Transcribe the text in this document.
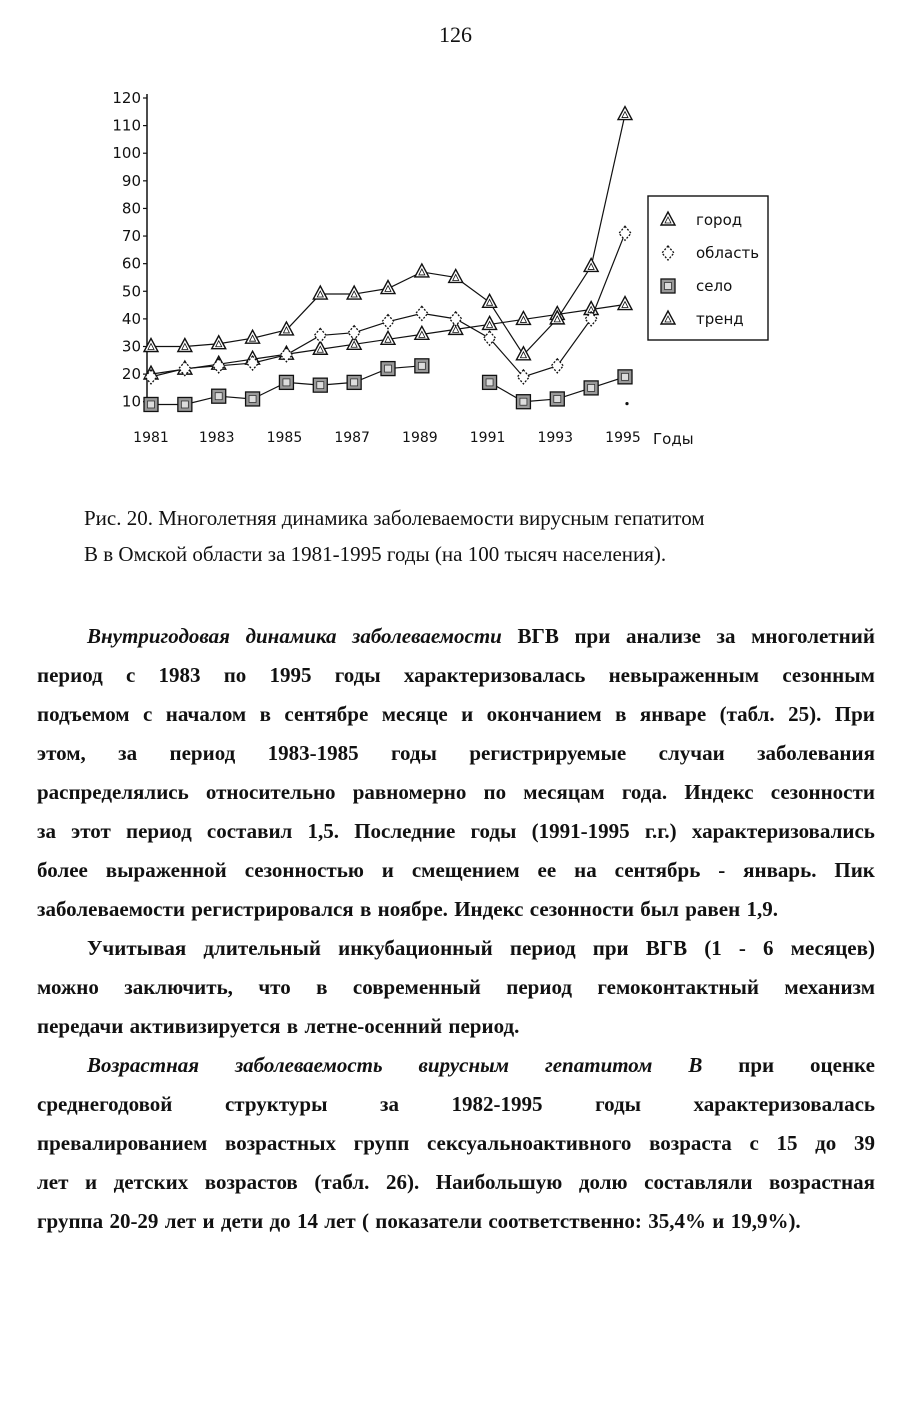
126
10
20
30
40
50
60
70
80
90
100
110
120
1981 1983 1985 1987 1989 1991 1993 1995 Годы
город
область
село
тренд
Рис. 20. Многолетняя динамика заболеваемости вирусным гепатитом
В в Омской области за 1981-1995 годы (на 100 тысяч населения).
Внутригодовая динамика заболеваемости ВГВ при анализе за многолетний
период с 1983 по 1995 годы характеризовалась невыраженным сезонным
подъемом с началом в сентябре месяце и окончанием в январе (табл. 25). При
этом, за период 1983-1985 годы регистрируемые случаи заболевания
распределялись относительно равномерно по месяцам года. Индекс сезонности
за этот период составил 1,5. Последние годы (1991-1995 г.г.) характеризовались
более выраженной сезонностью и смещением ее на сентябрь - январь. Пик
заболеваемости регистрировался в ноябре. Индекс сезонности был равен 1,9.
Учитывая длительный инкубационный период при ВГВ (1 - 6 месяцев)
можно заключить, что в современный период гемоконтактный механизм
передачи активизируется в летне-осенний период.
Возрастная заболеваемость вирусным гепатитом В при оценке
среднегодовой	структуры	за	1982-1995	годы	характеризовалась
превалированием возрастных групп сексуальноактивного возраста с 15 до 39
лет и детских возрастов (табл. 26). Наибольшую долю составляли возрастная
группа 20-29 лет и дети до 14 лет ( показатели соответственно: 35,4% и 19,9%).
